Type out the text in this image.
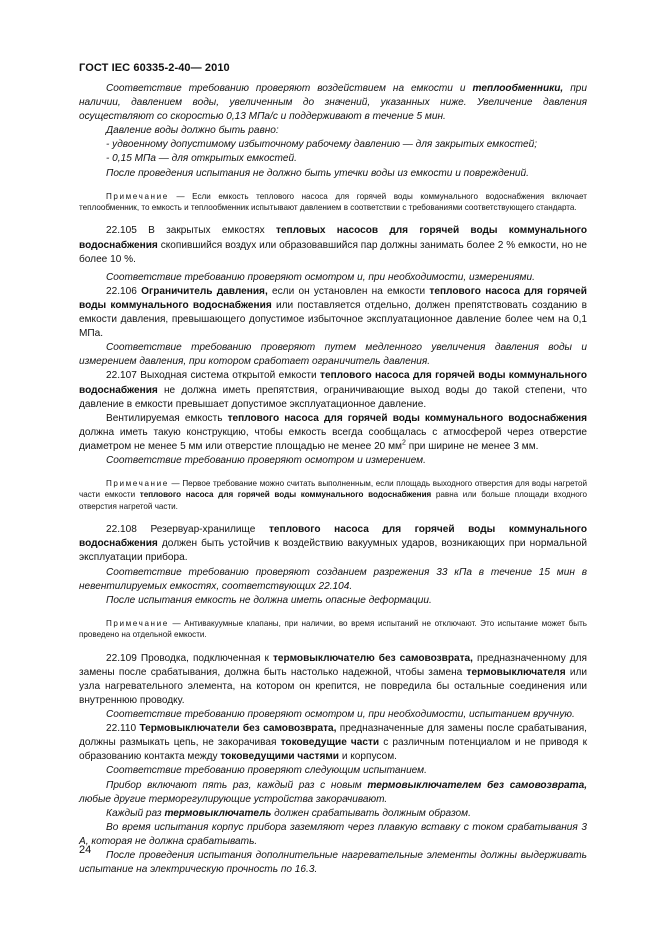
ГОСТ IEC 60335-2-40— 2010

Соответствие требованию проверяют воздействием на емкости и теплообменники, при наличии, давлением воды, увеличенным до значений, указанных ниже. Увеличение давления осуществляют со скоростью 0,13 МПа/с и поддерживают в течение 5 мин.

Давление воды должно быть равно:

- удвоенному допустимому избыточному рабочему давлению — для закрытых емкостей;

- 0,15 МПа — для открытых емкостей.

После проведения испытания не должно быть утечки воды из емкости и повреждений.

Примечание — Если емкость теплового насоса для горячей воды коммунального водоснабжения включает теплообменник, то емкость и теплообменник испытывают давлением в соответствии с требованиями соответствующего стандарта.

22.105 В закрытых емкостях тепловых насосов для горячей воды коммунального водоснабжения скопившийся воздух или образовавшийся пар должны занимать более 2 % емкости, но не более 10 %.

Соответствие требованию проверяют осмотром и, при необходимости, измерениями.

22.106 Ограничитель давления, если он установлен на емкости теплового насоса для горячей воды коммунального водоснабжения или поставляется отдельно, должен препятствовать созданию в емкости давления, превышающего допустимое избыточное эксплуатационное давление более чем на 0,1 МПа.

Соответствие требованию проверяют путем медленного увеличения давления воды и измерением давления, при котором сработает ограничитель давления.

22.107 Выходная система открытой емкости теплового насоса для горячей воды коммунального водоснабжения не должна иметь препятствия, ограничивающие выход воды до такой степени, что давление в емкости превышает допустимое эксплуатационное давление.

Вентилируемая емкость теплового насоса для горячей воды коммунального водоснабжения должна иметь такую конструкцию, чтобы емкость всегда сообщалась с атмосферой через отверстие диаметром не менее 5 мм или отверстие площадью не менее 20 $мм^2$ при ширине не менее 3 мм.

Соответствие требованию проверяют осмотром и измерением.

Примечание — Первое требование можно считать выполненным, если площадь выходного отверстия для воды нагретой части емкости теплового насоса для горячей воды коммунального водоснабжения равна или больше площади входного отверстия нагретой части.

22.108 Резервуар-хранилище теплового насоса для горячей воды коммунального водоснабжения должен быть устойчив к воздействию вакуумных ударов, возникающих при нормальной эксплуатации прибора.

Соответствие требованию проверяют созданием разрежения 33 кПа в течение 15 мин в невентилируемых емкостях, соответствующих 22.104.

После испытания емкость не должна иметь опасные деформации.

Примечание — Антивакуумные клапаны, при наличии, во время испытаний не отключают. Это испытание может быть проведено на отдельной емкости.

22.109 Проводка, подключенная к термовыключателю без самовозврата, предназначенному для замены после срабатывания, должна быть настолько надежной, чтобы замена термовыключателя или узла нагревательного элемента, на котором он крепится, не повредила бы остальные соединения или внутреннюю проводку.

Соответствие требованию проверяют осмотром и, при необходимости, испытанием вручную.

22.110 Термовыключатели без самовозврата, предназначенные для замены после срабатывания, должны размыкать цепь, не закорачивая токоведущие части с различным потенциалом и не приводя к образованию контакта между токоведущими частями и корпусом.

Соответствие требованию проверяют следующим испытанием.

Прибор включают пять раз, каждый раз с новым термовыключателем без самовозврата, любые другие терморегулирующие устройства закорачивают.

Каждый раз термовыключатель должен срабатывать должным образом.

Во время испытания корпус прибора заземляют через плавкую вставку с током срабатывания 3 А, которая не должна срабатывать.

После проведения испытания дополнительные нагревательные элементы должны выдерживать испытание на электрическую прочность по 16.3.

24
